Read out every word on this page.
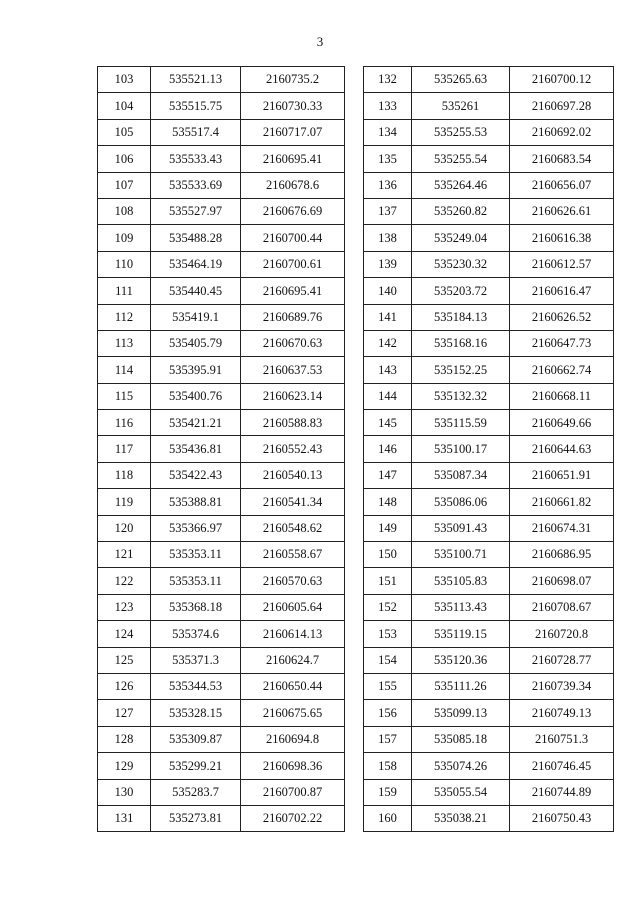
3
103	535521.13	2160735.2
104	535515.75	2160730.33
105	535517.4	2160717.07
106	535533.43	2160695.41
107	535533.69	2160678.6
108	535527.97	2160676.69
109	535488.28	2160700.44
110	535464.19	2160700.61
111	535440.45	2160695.41
112	535419.1	2160689.76
113	535405.79	2160670.63
114	535395.91	2160637.53
115	535400.76	2160623.14
116	535421.21	2160588.83
117	535436.81	2160552.43
118	535422.43	2160540.13
119	535388.81	2160541.34
120	535366.97	2160548.62
121	535353.11	2160558.67
122	535353.11	2160570.63
123	535368.18	2160605.64
124	535374.6	2160614.13
125	535371.3	2160624.7
126	535344.53	2160650.44
127	535328.15	2160675.65
128	535309.87	2160694.8
129	535299.21	2160698.36
130	535283.7	2160700.87
131	535273.81	2160702.22
132	535265.63	2160700.12
133	535261	2160697.28
134	535255.53	2160692.02
135	535255.54	2160683.54
136	535264.46	2160656.07
137	535260.82	2160626.61
138	535249.04	2160616.38
139	535230.32	2160612.57
140	535203.72	2160616.47
141	535184.13	2160626.52
142	535168.16	2160647.73
143	535152.25	2160662.74
144	535132.32	2160668.11
145	535115.59	2160649.66
146	535100.17	2160644.63
147	535087.34	2160651.91
148	535086.06	2160661.82
149	535091.43	2160674.31
150	535100.71	2160686.95
151	535105.83	2160698.07
152	535113.43	2160708.67
153	535119.15	2160720.8
154	535120.36	2160728.77
155	535111.26	2160739.34
156	535099.13	2160749.13
157	535085.18	2160751.3
158	535074.26	2160746.45
159	535055.54	2160744.89
160	535038.21	2160750.43
